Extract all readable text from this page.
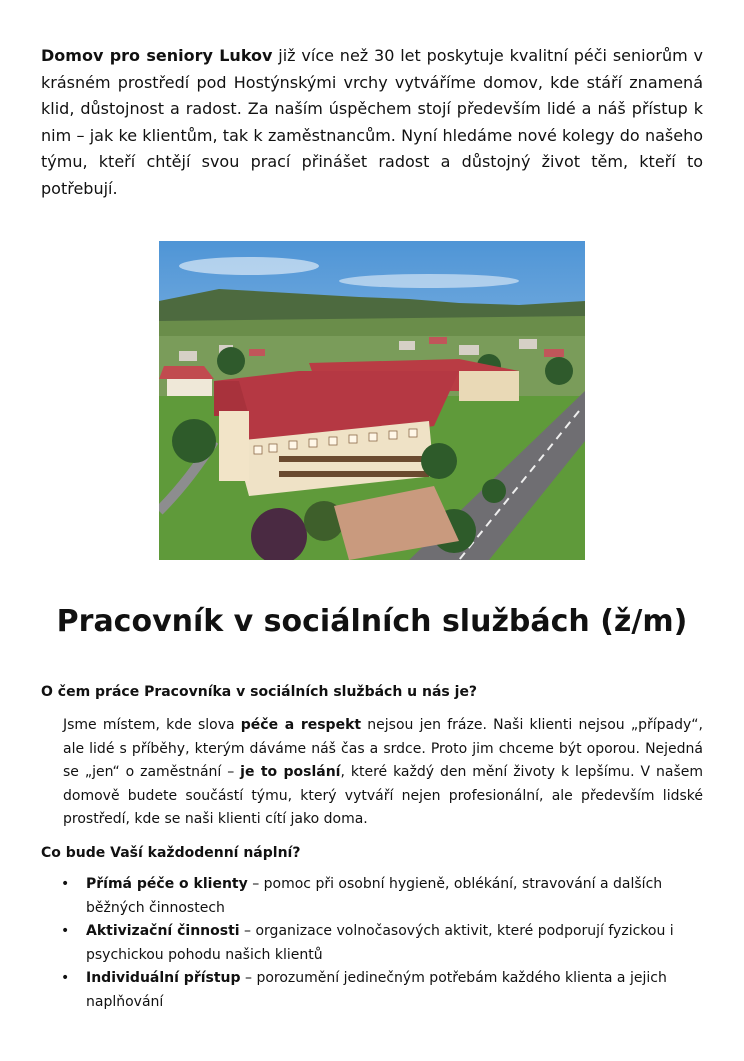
Domov pro seniory Lukov již více než 30 let poskytuje kvalitní péči seniorům v krásném prostředí pod Hostýnskými vrchy vytváříme domov, kde stáří znamená klid, důstojnost a radost. Za naším úspěchem stojí především lidé a náš přístup k nim – jak ke klientům, tak k zaměstnancům. Nyní hledáme nové kolegy do našeho týmu, kteří chtějí svou prací přinášet radost a důstojný život těm, kteří to potřebují.

Pracovník v sociálních službách (ž/m)

O čem práce Pracovníka v sociálních službách u nás je?

Jsme místem, kde slova péče a respekt nejsou jen fráze. Naši klienti nejsou „případy“, ale lidé s příběhy, kterým dáváme náš čas a srdce. Proto jim chceme být oporou. Nejedná se „jen“ o zaměstnání – je to poslání, které každý den mění životy k lepšímu. V našem domově budete součástí týmu, který vytváří nejen profesionální, ale především lidské prostředí, kde se naši klienti cítí jako doma.

Co bude Vaší každodenní náplní?

• Přímá péče o klienty – pomoc při osobní hygieně, oblékání, stravování a dalších běžných činnostech
• Aktivizační činnosti – organizace volnočasových aktivit, které podporují fyzickou i psychickou pohodu našich klientů
• Individuální přístup – porozumění jedinečným potřebám každého klienta a jejich naplňování
